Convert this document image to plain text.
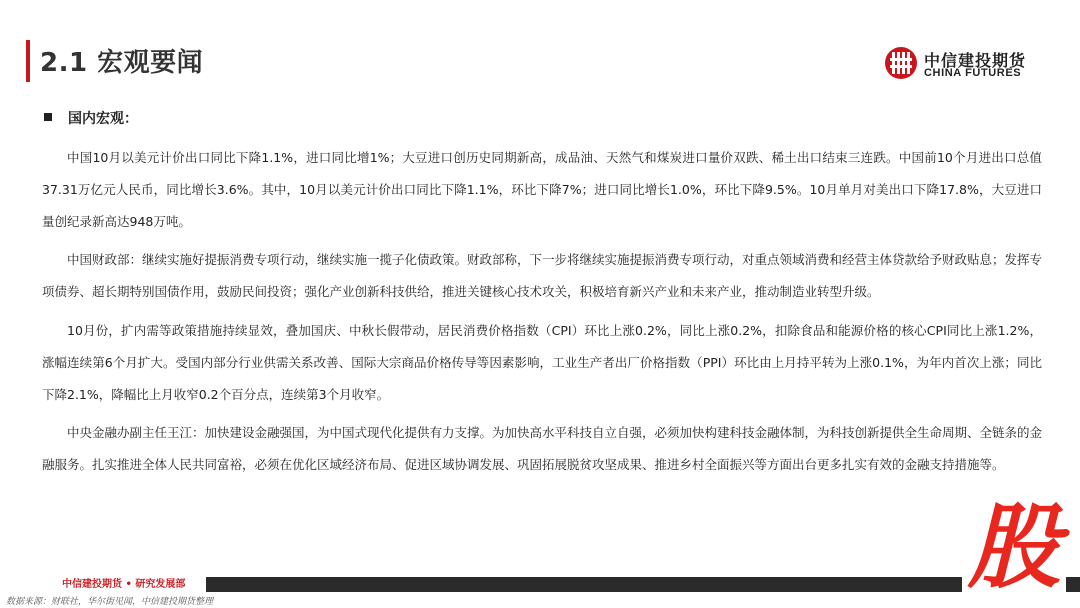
2.1 宏观要闻	中信建投期货
CHINA FUTURES
国内宏观：

中国10月以美元计价出口同比下降1.1%，进口同比增1%；大豆进口创历史同期新高，成品油、天然气和煤炭进口量价双跌、稀土出口结束三连跌。中国前10个月进出口总值37.31万亿元人民币，同比增长3.6%。其中，10月以美元计价出口同比下降1.1%，环比下降7%；进口同比增长1.0%，环比下降9.5%。10月单月对美出口下降17.8%，大豆进口量创纪录新高达948万吨。

中国财政部：继续实施好提振消费专项行动，继续实施一揽子化债政策。财政部称，下一步将继续实施提振消费专项行动，对重点领域消费和经营主体贷款给予财政贴息；发挥专项债券、超长期特别国债作用，鼓励民间投资；强化产业创新科技供给，推进关键核心技术攻关，积极培育新兴产业和未来产业，推动制造业转型升级。

10月份，扩内需等政策措施持续显效，叠加国庆、中秋长假带动，居民消费价格指数（CPI）环比上涨0.2%，同比上涨0.2%，扣除食品和能源价格的核心CPI同比上涨1.2%，涨幅连续第6个月扩大。受国内部分行业供需关系改善、国际大宗商品价格传导等因素影响，工业生产者出厂价格指数（PPI）环比由上月持平转为上涨0.1%，为年内首次上涨；同比下降2.1%，降幅比上月收窄0.2个百分点，连续第3个月收窄。

中央金融办副主任王江：加快建设金融强国，为中国式现代化提供有力支撑。为加快高水平科技自立自强，必须加快构建科技金融体制，为科技创新提供全生命周期、全链条的金融服务。扎实推进全体人民共同富裕，必须在优化区域经济布局、促进区域协调发展、巩固拓展脱贫攻坚成果、推进乡村全面振兴等方面出台更多扎实有效的金融支持措施等。

中信建投期货 • 研究发展部
数据来源：财联社，华尔街见闻，中信建投期货整理
股
